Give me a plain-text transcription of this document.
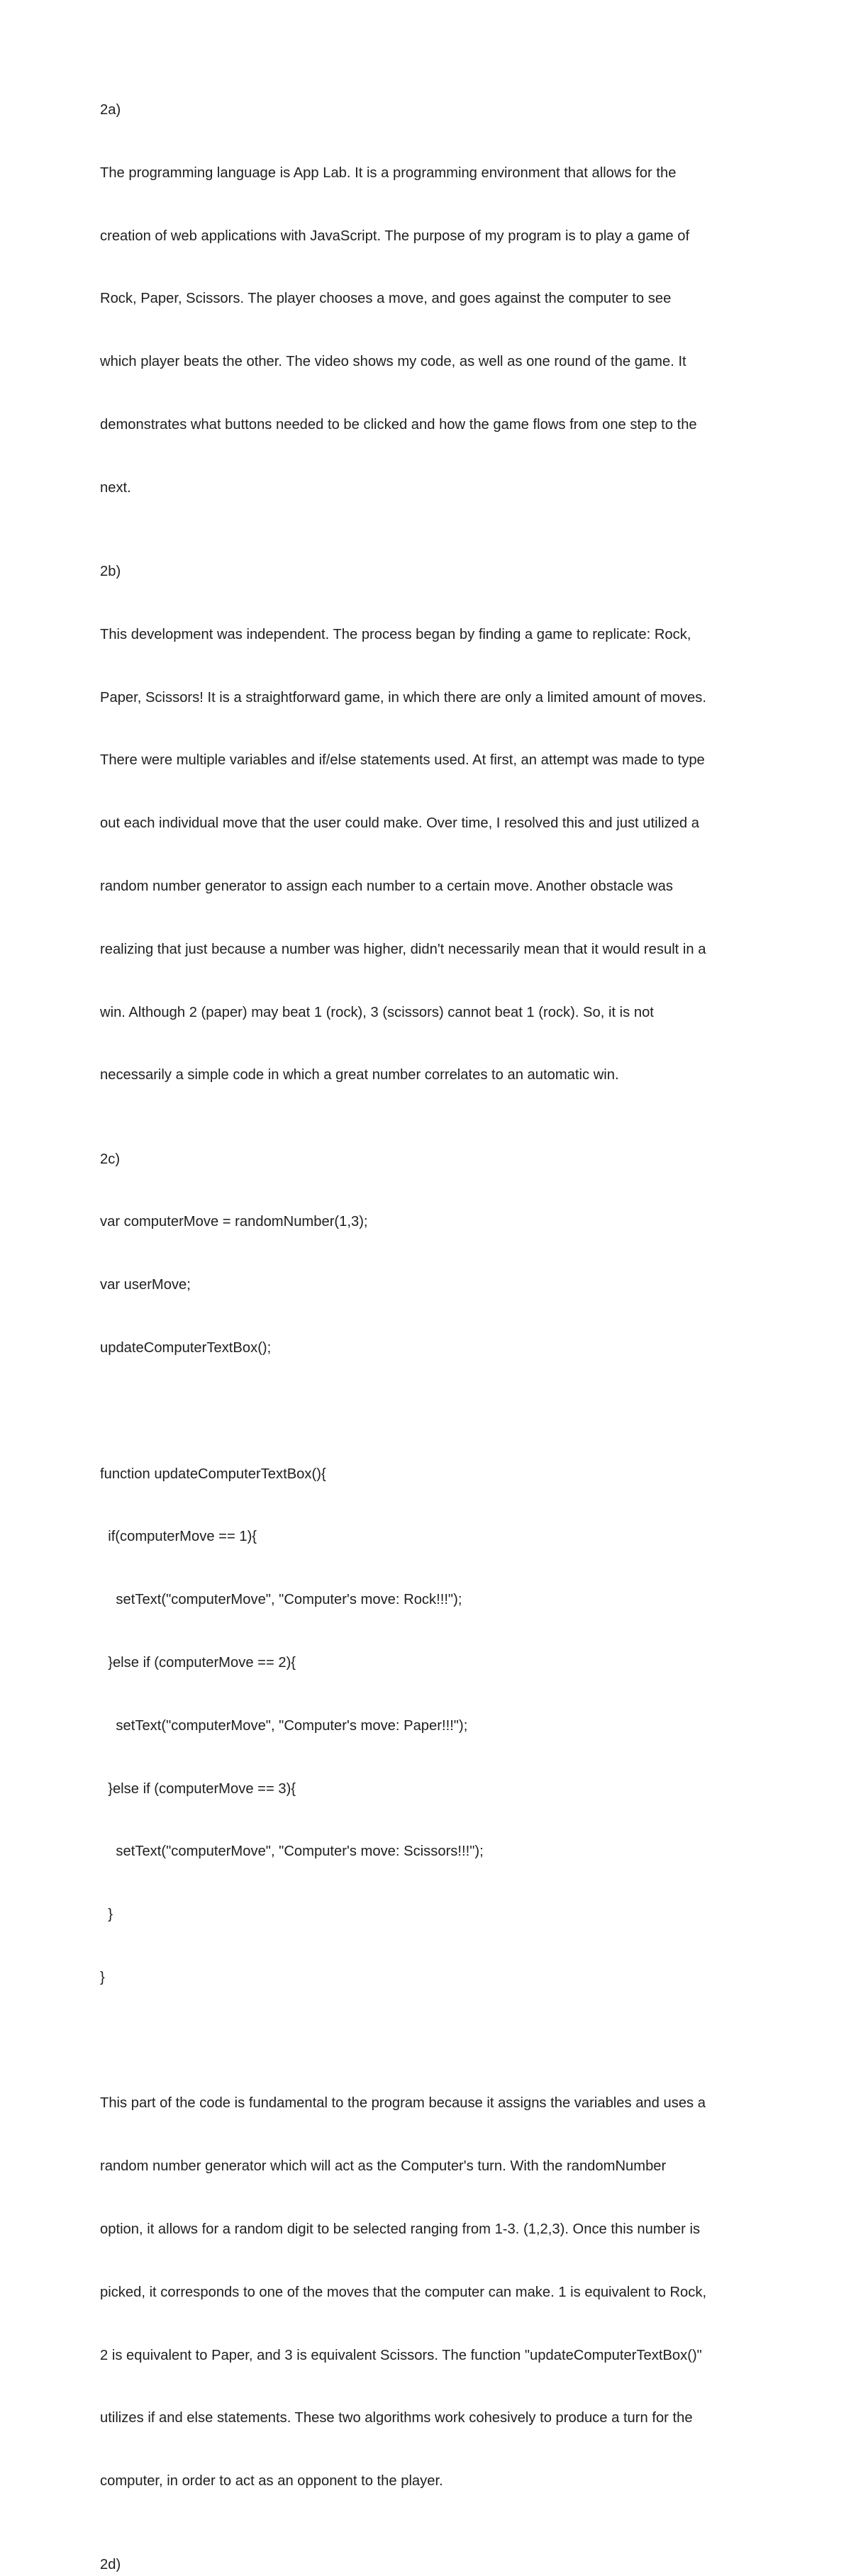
2a)

The programming language is App Lab. It is a programming environment that allows for the

creation of web applications with JavaScript. The purpose of my program is to play a game of

Rock, Paper, Scissors. The player chooses a move, and goes against the computer to see

which player beats the other. The video shows my code, as well as one round of the game. It

demonstrates what buttons needed to be clicked and how the game flows from one step to the

next.

2b)

This development was independent. The process began by finding a game to replicate: Rock,

Paper, Scissors! It is a straightforward game, in which there are only a limited amount of moves.

There were multiple variables and if/else statements used. At first, an attempt was made to type

out each individual move that the user could make. Over time, I resolved this and just utilized a

random number generator to assign each number to a certain move. Another obstacle was

realizing that just because a number was higher, didn't necessarily mean that it would result in a

win. Although 2 (paper) may beat 1 (rock), 3 (scissors) cannot beat 1 (rock). So, it is not

necessarily a simple code in which a great number correlates to an automatic win.

2c)

var computerMove = randomNumber(1,3);

var userMove;

updateComputerTextBox();

function updateComputerTextBox(){

if(computerMove == 1){

setText("computerMove", "Computer's move: Rock!!!");

}else if (computerMove == 2){

setText("computerMove", "Computer's move: Paper!!!");

}else if (computerMove == 3){

setText("computerMove", "Computer's move: Scissors!!!");

}

}

This part of the code is fundamental to the program because it assigns the variables and uses a

random number generator which will act as the Computer's turn. With the randomNumber

option, it allows for a random digit to be selected ranging from 1-3. (1,2,3). Once this number is

picked, it corresponds to one of the moves that the computer can make. 1 is equivalent to Rock,

2 is equivalent to Paper, and 3 is equivalent Scissors. The function "updateComputerTextBox()"

utilizes if and else statements. These two algorithms work cohesively to produce a turn for the

computer, in order to act as an opponent to the player.

2d)
